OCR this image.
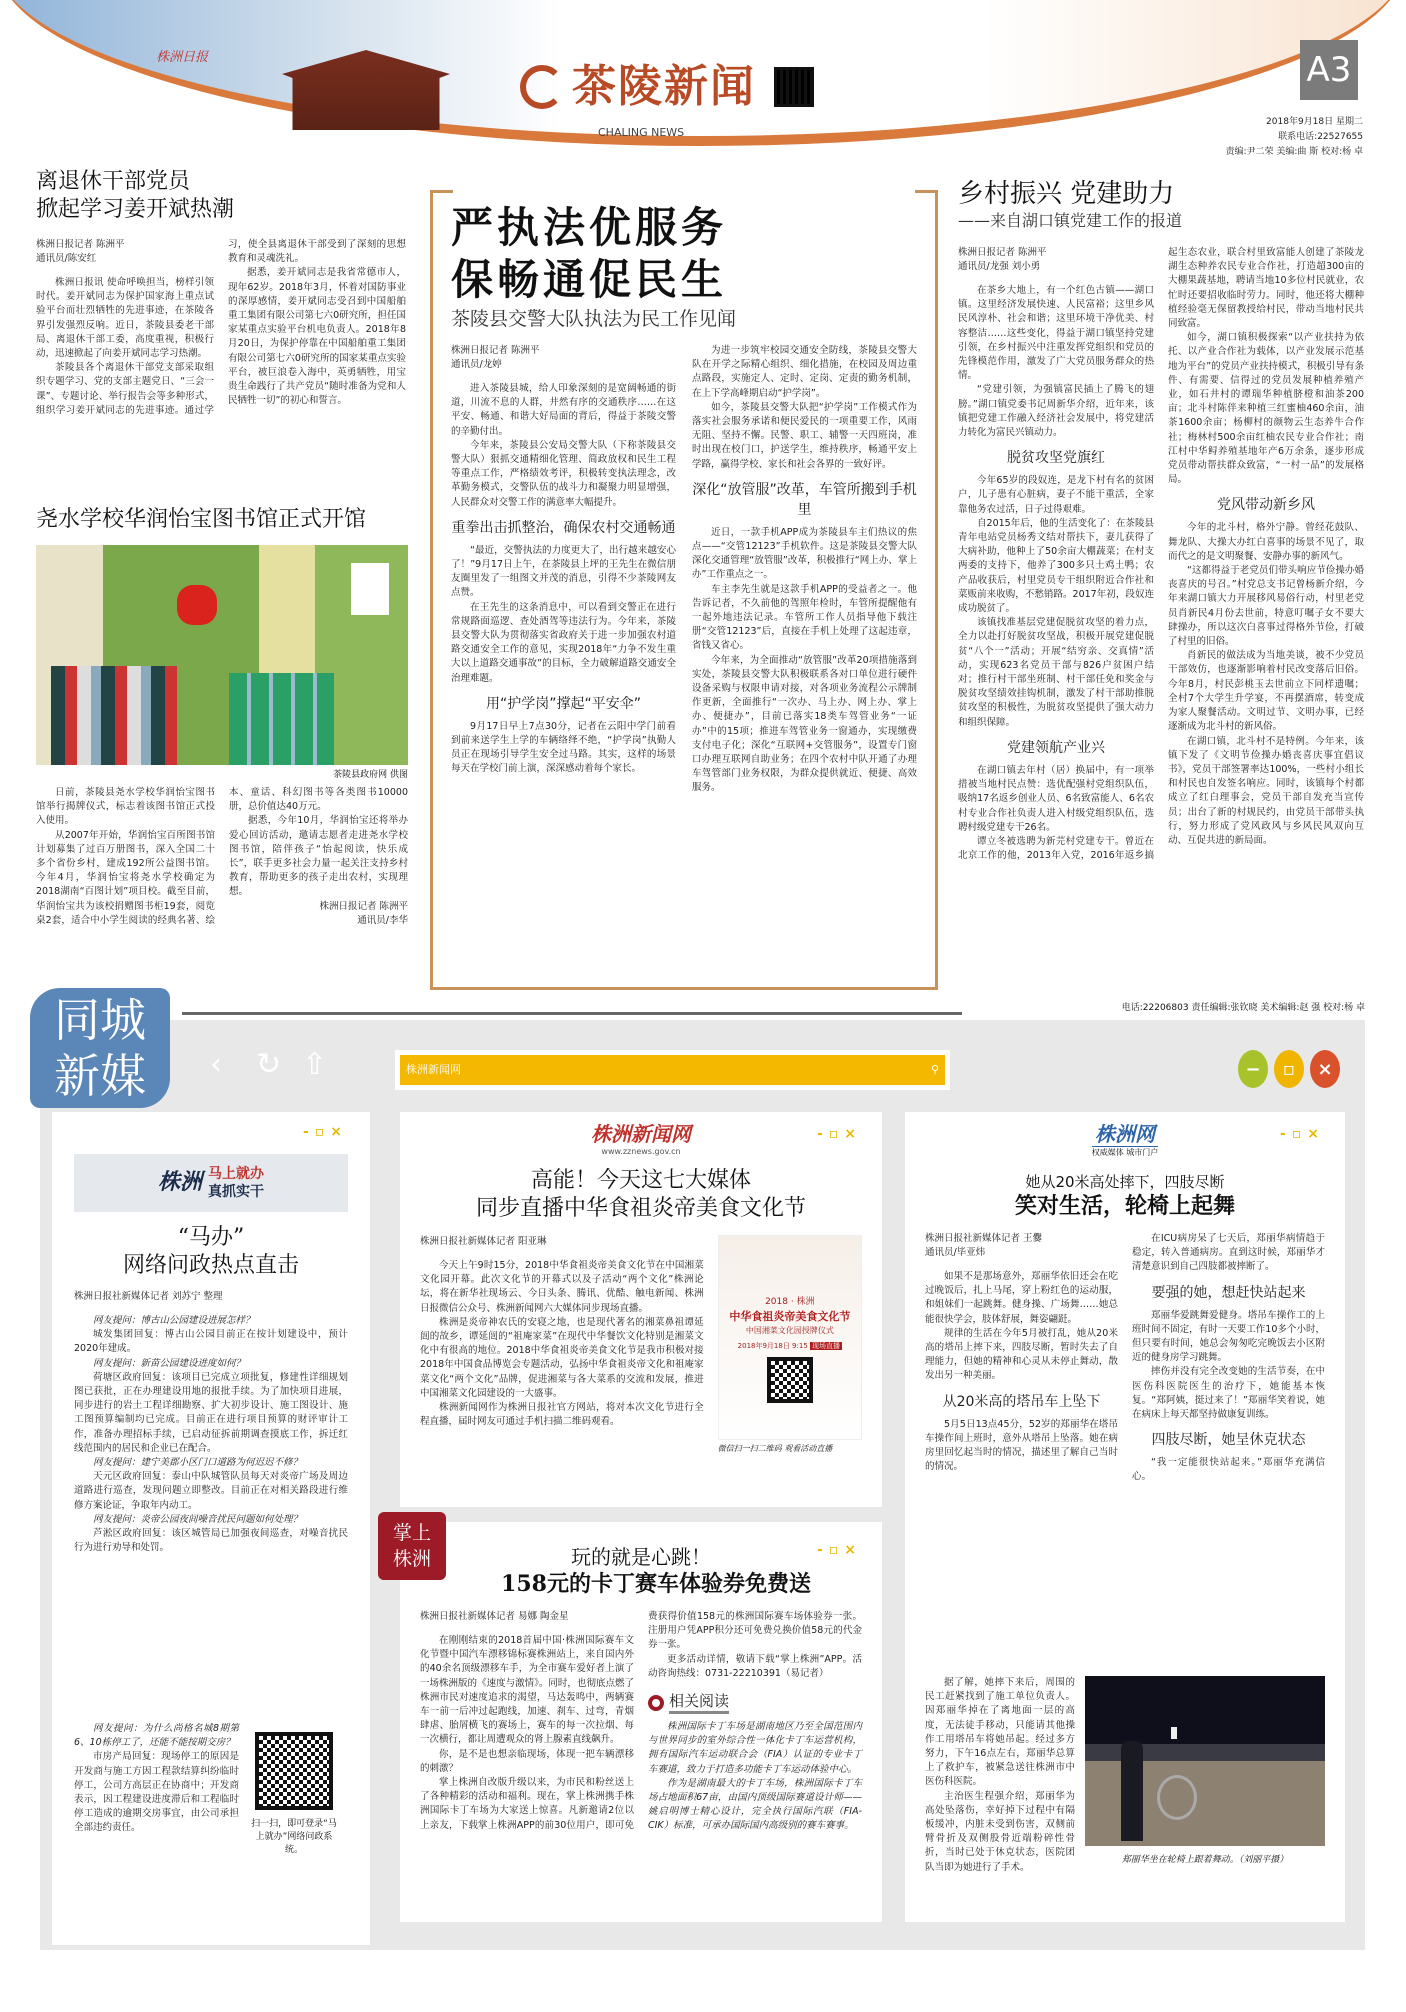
株洲日报
茶陵新闻
CHALING NEWS
A3
2018年9月18日 星期二
联系电话:22527655
责编:尹二荣 美编:曲 斯 校对:杨 卓
离退休干部党员
掀起学习姜开斌热潮
株洲日报记者 陈洲平
通讯员/陈安红

株洲日报讯 使命呼唤担当，榜样引领时代。姜开斌同志为保护国家海上重点试验平台而壮烈牺牲的先进事迹，在茶陵各界引发强烈反响。近日，茶陵县委老干部局、离退休干部工委，高度重视，积极行动，迅速掀起了向姜开斌同志学习热潮。

茶陵县各个离退休干部党支部采取组织专题学习、党的支部主题党日、“三会一课”、专题讨论、举行报告会等多种形式，组织学习姜开斌同志的先进事迹。通过学习，使全县离退休干部受到了深刻的思想教育和灵魂洗礼。

据悉，姜开斌同志是我省常德市人，现年62岁。2018年3月，怀着对国防事业的深厚感情，姜开斌同志受召到中国船舶重工集团有限公司第七六0研究所，担任国家某重点实验平台机电负责人。2018年8月20日，为保护停靠在中国船舶重工集团有限公司第七六0研究所的国家某重点实验平台，被巨浪卷入海中，英勇牺牲，用宝贵生命践行了共产党员“随时准备为党和人民牺牲一切”的初心和誓言。

尧水学校华润怡宝图书馆正式开馆
茶陵县政府网 供图

日前，茶陵县尧水学校华润怡宝图书馆举行揭牌仪式，标志着该图书馆正式投入使用。

从2007年开始，华润怡宝百所图书馆计划募集了过百万册图书，深入全国二十多个省份乡村，建成192所公益图书馆。今年4月，华润怡宝将尧水学校确定为2018湖南“百图计划”项目校。截至目前，华润怡宝共为该校捐赠图书柜19套，阅览桌2套，适合中小学生阅读的经典名著、绘本、童话、科幻图书等各类图书10000册，总价值达40万元。

据悉，今年10月，华润怡宝还将举办爱心回访活动，邀请志愿者走进尧水学校图书馆，陪伴孩子“怡起阅读，快乐成长”，联手更多社会力量一起关注支持乡村教育，帮助更多的孩子走出农村，实现理想。

株洲日报记者 陈洲平
通讯员/李华
严执法优服务
保畅通促民生
茶陵县交警大队执法为民工作见闻
株洲日报记者 陈洲平
通讯员/龙婷

进入茶陵县城，给人印象深刻的是宽阔畅通的街道，川流不息的人群，井然有序的交通秩序……在这平安、畅通、和谐大好局面的背后，得益于茶陵交警的辛勤付出。

今年来，茶陵县公安局交警大队（下称茶陵县交警大队）狠抓交通精细化管理、简政放权和民生工程等重点工作，严格绩效考评，积极转变执法理念，改革勤务模式，交警队伍的战斗力和凝聚力明显增强，人民群众对交警工作的满意率大幅提升。

重拳出击抓整治，确保农村交通畅通

“最近，交警执法的力度更大了，出行越来越安心了！”9月17日上午，在茶陵县上坪的王先生在微信朋友圈里发了一组图文并茂的消息，引得不少茶陵网友点赞。

在王先生的这条消息中，可以看到交警正在进行常规路面巡逻、查处酒驾等违法行为。今年来，茶陵县交警大队为贯彻落实省政府关于进一步加强农村道路交通安全工作的意见，实现2018年“力争不发生重大以上道路交通事故”的目标，全力破解道路交通安全治理难题。

用“护学岗”撑起“平安伞”

9月17日早上7点30分，记者在云阳中学门前看到前来送学生上学的车辆络绎不绝，“护学岗”执勤人员正在现场引导学生安全过马路。其实，这样的场景每天在学校门前上演，深深感动着每个家长。

为进一步筑牢校园交通安全防线，茶陵县交警大队在开学之际精心组织、细化措施，在校园及周边重点路段，实施定人、定时、定岗、定责的勤务机制，在上下学高峰期启动“护学岗”。

如今，茶陵县交警大队把“护学岗”工作模式作为落实社会服务承诺和便民爱民的一项重要工作，风雨无阻、坚持不懈。民警、职工、辅警一天四班岗，准时出现在校门口，护送学生，维持秩序，畅通平安上学路，赢得学校、家长和社会各界的一致好评。

深化“放管服”改革，车管所搬到手机里

近日，一款手机APP成为茶陵县车主们热议的焦点——“交管12123”手机软件。这是茶陵县交警大队深化交通管理“放管服”改革，积极推行“网上办、掌上办”工作重点之一。

车主李先生就是这款手机APP的受益者之一。他告诉记者，不久前他的驾照年检时，车管所提醒他有一起外地违法记录。车管所工作人员指导他下载注册“交管12123”后，直接在手机上处理了这起违章，省钱又省心。

今年来，为全面推动“放管服”改革20项措施落到实处，茶陵县交警大队积极联系各对口单位进行硬件设备采购与权限申请对接，对各项业务流程公示牌制作更新，全面推行“一次办、马上办、网上办、掌上办、便捷办”，目前已落实18类车驾管业务“一证办”中的15项；推进车驾管业务一窗通办，实现缴费支付电子化；深化“互联网+交管服务”，设置专门窗口办理互联网自助业务；在四个农村中队开通了办理车驾管部门业务权限，为群众提供就近、便捷、高效服务。

乡村振兴 党建助力
——来自湖口镇党建工作的报道
株洲日报记者 陈洲平
通讯员/龙强 刘小勇

在茶乡大地上，有一个红色古镇——湖口镇。这里经济发展快速、人民富裕；这里乡风民风淳朴、社会和谐；这里环境干净优美、村容整洁……这些变化，得益于湖口镇坚持党建引领，在乡村振兴中注重发挥党组织和党员的先锋模范作用，激发了广大党员服务群众的热情。

“党建引领，为强镇富民插上了腾飞的翅膀。”湖口镇党委书记周新华介绍，近年来，该镇把党建工作融入经济社会发展中，将党建活力转化为富民兴镇动力。

脱贫攻坚党旗红

今年65岁的段奴连，是龙下村有名的贫困户，儿子患有心脏病，妻子不能干重活，全家靠他务农过活，日子过得艰难。

自2015年后，他的生活变化了：在茶陵县青年电站党员杨秀文结对帮扶下，妻儿获得了大病补助，他种上了50余亩大棚蔬菜；在村支两委的支持下，他养了300多只土鸡土鸭；农产品收获后，村里党员专干组织附近合作社和菜贩前来收购，不愁销路。2017年初，段奴连成功脱贫了。

该镇找准基层党建促脱贫攻坚的着力点，全力以赴打好脱贫攻坚战，积极开展党建促脱贫“八个一”活动；开展“结穷亲、交真情”活动，实现623名党员干部与826户贫困户结对；推行村干部坐班制、村干部任免和奖金与脱贫攻坚绩效挂钩机制，激发了村干部助推脱贫攻坚的积极性，为脱贫攻坚提供了强大动力和组织保障。

党建领航产业兴

在湖口镇去年村（居）换届中，有一项举措被当地村民点赞：选优配强村党组织队伍，吸纳17名返乡创业人员、6名致富能人、6名农村专业合作社负责人进入村级党组织队伍，选聘村级党建专干26名。

谭立冬被选聘为新芫村党建专干。曾近在北京工作的他，2013年入党，2016年返乡搞起生态农业，联合村里致富能人创建了茶陵龙湖生态种养农民专业合作社，打造超300亩的大棚果蔬基地，聘请当地10多位村民就业，农忙时还要招收临时劳力。同时，他还将大棚种植经验毫无保留教授给村民，带动当地村民共同致富。

如今，湖口镇积极探索“以产业扶持为依托、以产业合作社为载体，以产业发展示范基地为平台”的党员产业扶持模式，积极引导有条件、有需要、信得过的党员发展种植养殖产业，如石井村的谭瑞华种植脐橙和油茶200亩；北斗村陈伴来种植三红蜜柚460余亩，油茶1600余亩；杨柳村的颜物云生态养牛合作社；梅林村500余亩红柚农民专业合作社；南江村中华鲟养殖基地年产6万余条，逐步形成党员带动帮扶群众致富，“一村一品”的发展格局。

党风带动新乡风

今年的北斗村，格外宁静。曾经花鼓队、舞龙队、大操大办红白喜事的场景不见了，取而代之的是文明聚餐、安静办事的新风气。

“这都得益于老党员们带头响应节俭操办婚丧喜庆的号召。”村党总支书记曾杨新介绍，今年来湖口镇大力开展移风易俗行动，村里老党员肖新民4月份去世前，特意叮嘱子女不要大肆操办，所以这次白喜事过得格外节俭，打破了村里的旧俗。

肖新民的做法成为当地美谈，被不少党员干部效仿，也逐渐影响着村民改变落后旧俗。今年8月，村民彭桃玉去世前立下同样遗嘱；全村7个大学生升学宴，不再摆酒席，转变成为家人聚餐活动。文明过节、文明办事，已经逐渐成为北斗村的新风俗。

在湖口镇，北斗村不是特例。今年来，该镇下发了《文明节俭操办婚丧喜庆事宜倡议书》，党员干部签署率达100%，一些村小组长和村民也自发签名响应。同时，该镇每个村都成立了红白理事会，党员干部自发充当宣传员；出台了新的村规民约，由党员干部带头执行，努力形成了党风政风与乡风民风双向互动、互促共进的新局面。

电话:22206803 责任编辑:张钦晓 美术编辑:赵 强 校对:杨 卓
同城
新媒	‹ ↻ ⇧	株洲新闻网	⚲	−	▫	×
-▫×
株洲 马上就办
真抓实干
“马办”
网络问政热点直击
株洲日报社新媒体记者 刘苏宁 整理

网友提问：博古山公园建设进展怎样？

城发集团回复：博古山公园目前正在按计划建设中，预计2020年建成。

网友提问：新苗公园建设进度如何？

荷塘区政府回复：该项目已完成立项批复，修建性详细规划图已获批，正在办理建设用地的报批手续。为了加快项目进展，同步进行的岩土工程详细勘察、扩大初步设计、施工图设计、施工图预算编制均已完成。目前正在进行项目预算的财评审计工作，准备办理招标手续，已启动征拆前期调查摸底工作，拆迁红线范围内的居民和企业已在配合。

网友提问：建宁美郡小区门口道路为何迟迟不修？

天元区政府回复：泰山中队城管队员每天对炎帝广场及周边道路进行巡查，发现问题立即整改。目前正在对相关路段进行维修方案论证，争取年内动工。

网友提问：炎帝公园夜间噪音扰民问题如何处理？

芦淞区政府回复：该区城管局已加强夜间巡查，对噪音扰民行为进行劝导和处罚。

网友提问：为什么尚格名城8期第6、10栋停工了，还能不能按期交房？

市房产局回复：现场停工的原因是开发商与施工方因工程款结算纠纷临时停工，公司方高层正在协商中；开发商表示，因工程建设进度滞后和工程临时停工造成的逾期交房事宜，由公司承担全部违约责任。	扫一扫，即可登录“马上就办”网络问政系统。
株洲新闻网
www.zznews.gov.cn
-▫×
高能！今天这七大媒体
同步直播中华食祖炎帝美食文化节
株洲日报社新媒体记者 阳亚琳

今天上午9时15分，2018中华食祖炎帝美食文化节在中国湘菜文化园开幕。此次文化节的开幕式以及子活动“两个文化”株洲论坛，将在新华社现场云、今日头条、腾讯、优酷、触电新闻、株洲日报微信公众号、株洲新闻网六大媒体同步现场直播。

株洲是炎帝神农氏的安寝之地，也是现代著名的湘菜鼻祖谭延闿的故乡，谭延闿的“祖庵家菜”在现代中华餐饮文化特别是湘菜文化中有很高的地位。2018中华食祖炎帝美食文化节是我市积极对接2018年中国食品博览会专题活动，弘扬中华食祖炎帝文化和祖庵家菜文化“两个文化”品牌，促进湘菜与各大菜系的交流和发展，推进中国湘菜文化园建设的一大盛事。

株洲新闻网作为株洲日报社官方网站，将对本次文化节进行全程直播，届时网友可通过手机扫描二维码观看。

2018 · 株洲
中华食祖炎帝美食文化节
中国湘菜文化园授牌仪式
2018年9月18日 9:15 现场直播
微信扫一扫二维码 观看活动直播
掌上
株洲	-▫×
玩的就是心跳！
158元的卡丁赛车体验券免费送
株洲日报社新媒体记者 易娜 陶金星

在刚刚结束的2018首届中国·株洲国际赛车文化节暨中国汽车漂移锦标赛株洲站上，来自国内外的40余名顶级漂移车手，为全市赛车爱好者上演了一场株洲版的《速度与激情》。同时，也彻底点燃了株洲市民对速度追求的渴望，马达轰鸣中，两辆赛车一前一后冲过起跑线，加速、刹车、过弯，青烟肆虐、胎屑横飞的赛场上，赛车的每一次拉烟、每一次横行，都让周遭观众的肾上腺素直线飙升。

你，是不是也想亲临现场，体现一把车辆漂移的刺激？

掌上株洲自改版升级以来，为市民和粉丝送上了各种精彩的活动和福利。现在，掌上株洲携手株洲国际卡丁车场为大家送上惊喜。凡新邀请2位以上亲友，下载掌上株洲APP的前30位用户，即可免费获得价值158元的株洲国际赛车场体验券一张。注册用户凭APP积分还可免费兑换价值58元的代金券一张。

更多活动详情，敬请下载“掌上株洲”APP。活动咨询热线：0731-22210391（易记者）

相关阅读

株洲国际卡丁车场是湖南地区乃至全国范围内与世界同步的室外综合性一体化卡丁车运营机构，拥有国际汽车运动联合会（FIA）认证的专业卡丁车赛道，致力于打造多功能卡丁车运动体验中心。

作为是湖南最大的卡丁车场，株洲国际卡丁车场占地面积67亩，由国内顶级国际赛道设计师——姚启明博士精心设计，完全执行国际汽联（FIA-CIK）标准，可承办国际国内高级别的赛车赛事。

株洲网
权威媒体 城市门户
-▫×
她从20米高处摔下，四肢尽断
笑对生活，轮椅上起舞
株洲日报社新媒体记者 王爨
通讯员/毕亚炜

如果不是那场意外，郑丽华依旧还会在吃过晚饭后，扎上马尾，穿上粉红色的运动服，和姐妹们一起跳舞。健身操、广场舞……她总能很快学会，肢体舒展，舞姿翩跹。

规律的生活在今年5月被打乱，她从20米高的塔吊上摔下来，四肢尽断，暂时失去了自理能力，但她的精神和心灵从未停止舞动，散发出另一种美丽。

从20米高的塔吊车上坠下

5月5日13点45分，52岁的郑丽华在塔吊车操作间上班时，意外从塔吊上坠落。她在病房里回忆起当时的情况，描述里了解自己当时的情况。

在ICU病房呆了七天后，郑丽华病情趋于稳定，转入普通病房。直到这时候，郑丽华才清楚意识到自己四肢都被摔断了。

要强的她，想赶快站起来

郑丽华爱跳舞爱健身。塔吊车操作工的上班时间不固定，有时一天要工作10多个小时，但只要有时间，她总会匆匆吃完晚饭去小区附近的健身房学习跳舞。

摔伤并没有完全改变她的生活节奏，在中医伤科医院医生的治疗下，她能基本恢复。“郑阿姨，挺过来了！”郑丽华笑着说，她在病床上每天都坚持做康复训练。

四肢尽断，她呈休克状态

“我一定能很快站起来。”郑丽华充满信心。

据了解，她摔下来后，周围的民工赶紧找到了施工单位负责人。因郑丽华掉在了离地面一层的高度，无法徒手移动，只能请其他操作工用塔吊车将她吊起。经过多方努力，下午16点左右，郑丽华总算上了救护车，被紧急送往株洲市中医伤科医院。

主治医生程强介绍，郑丽华为高处坠落伤，幸好掉下过程中有隔板缓冲，内脏未受到伤害，双侧前臂骨折及双侧股骨近端粉碎性骨折，当时已处于休克状态，医院团队当即为她进行了手术。

郑丽华坐在轮椅上跟着舞动。（刘丽平摄）
